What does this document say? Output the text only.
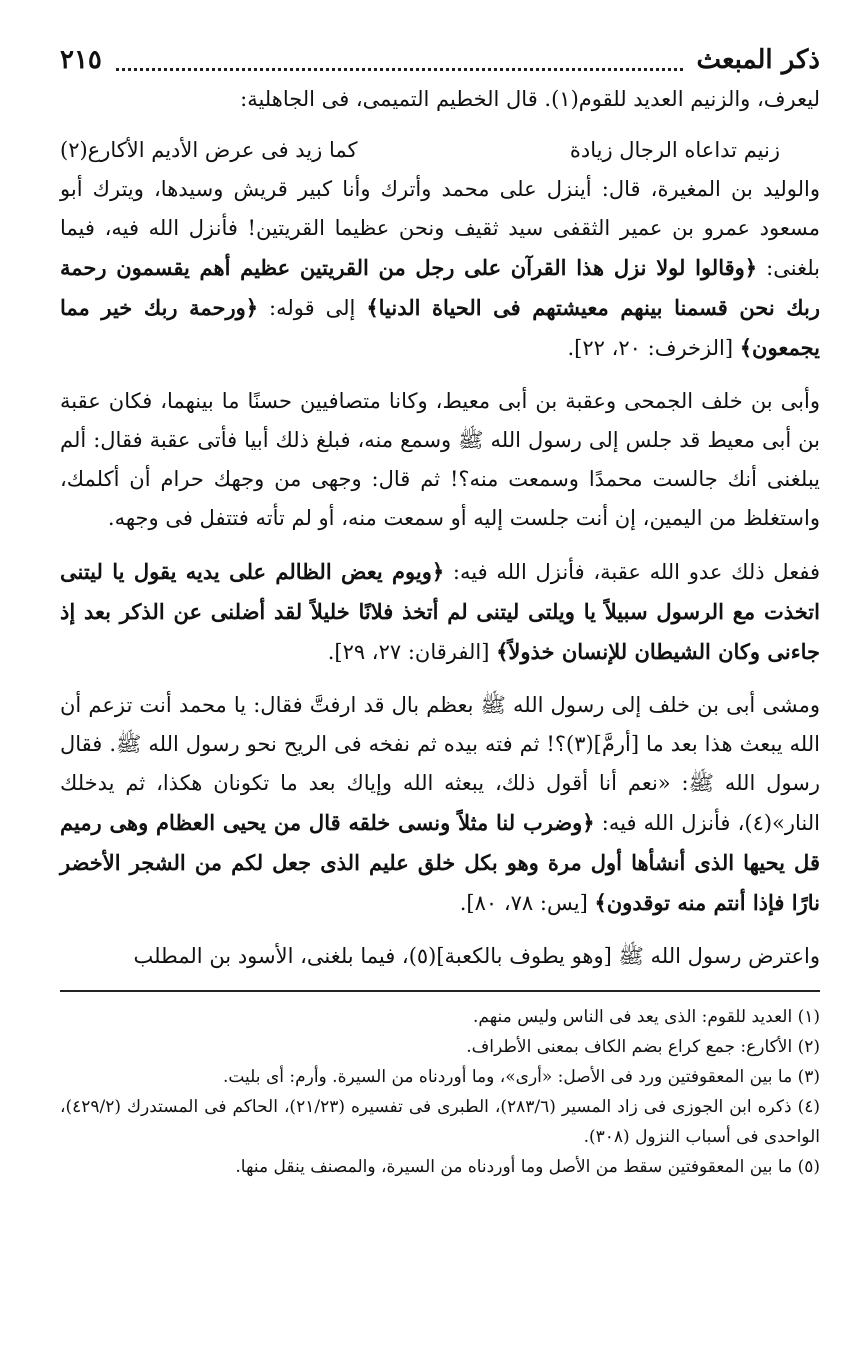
ذكر المبعث
٢١٥

ليعرف، والزنيم العديد للقوم(١). قال الخطيم التميمى، فى الجاهلية:

زنيم تداعاه الرجال زيادة
كما زيد فى عرض الأديم الأكارع(٢)

والوليد بن المغيرة، قال: أينزل على محمد وأترك وأنا كبير قريش وسيدها، ويترك أبو مسعود عمرو بن عمير الثقفى سيد ثقيف ونحن عظيما القريتين! فأنزل الله فيه، فيما بلغنى: ﴿وقالوا لولا نزل هذا القرآن على رجل من القريتين عظيم أهم يقسمون رحمة ربك نحن قسمنا بينهم معيشتهم فى الحياة الدنيا﴾ إلى قوله: ﴿ورحمة ربك خير مما يجمعون﴾ [الزخرف: ٢٠، ٢٢].

وأبى بن خلف الجمحى وعقبة بن أبى معيط، وكانا متصافيين حسنًا ما بينهما، فكان عقبة بن أبى معيط قد جلس إلى رسول الله ﷺ وسمع منه، فبلغ ذلك أبيا فأتى عقبة فقال: ألم يبلغنى أنك جالست محمدًا وسمعت منه؟! ثم قال: وجهى من وجهك حرام أن أكلمك، واستغلظ من اليمين، إن أنت جلست إليه أو سمعت منه، أو لم تأته فتتفل فى وجهه.

ففعل ذلك عدو الله عقبة، فأنزل الله فيه: ﴿ويوم يعض الظالم على يديه يقول يا ليتنى اتخذت مع الرسول سبيلاً يا ويلتى ليتنى لم أتخذ فلانًا خليلاً لقد أضلنى عن الذكر بعد إذ جاءنى وكان الشيطان للإنسان خذولاً﴾ [الفرقان: ٢٧، ٢٩].

ومشى أبى بن خلف إلى رسول الله ﷺ بعظم بال قد ارفتَّ فقال: يا محمد أنت تزعم أن الله يبعث هذا بعد ما [أرمَّ](٣)؟! ثم فته بيده ثم نفخه فى الريح نحو رسول الله ﷺ. فقال رسول الله ﷺ: «نعم أنا أقول ذلك، يبعثه الله وإياك بعد ما تكونان هكذا، ثم يدخلك النار»(٤)، فأنزل الله فيه: ﴿وضرب لنا مثلاً ونسى خلقه قال من يحيى العظام وهى رميم قل يحيها الذى أنشأها أول مرة وهو بكل خلق عليم الذى جعل لكم من الشجر الأخضر نارًا فإذا أنتم منه توقدون﴾ [يس: ٧٨، ٨٠].

واعترض رسول الله ﷺ [وهو يطوف بالكعبة](٥)، فيما بلغنى، الأسود بن المطلب

(١) العديد للقوم: الذى يعد فى الناس وليس منهم.

(٢) الأكارع: جمع كراع بضم الكاف بمعنى الأطراف.

(٣) ما بين المعقوفتين ورد فى الأصل: «أرى»، وما أوردناه من السيرة. وأرم: أى بليت.

(٤) ذكره ابن الجوزى فى زاد المسير (٢٨٣/٦)، الطبرى فى تفسيره (٢١/٢٣)، الحاكم فى المستدرك (٤٢٩/٢)، الواحدى فى أسباب النزول (٣٠٨).

(٥) ما بين المعقوفتين سقط من الأصل وما أوردناه من السيرة، والمصنف ينقل منها.
